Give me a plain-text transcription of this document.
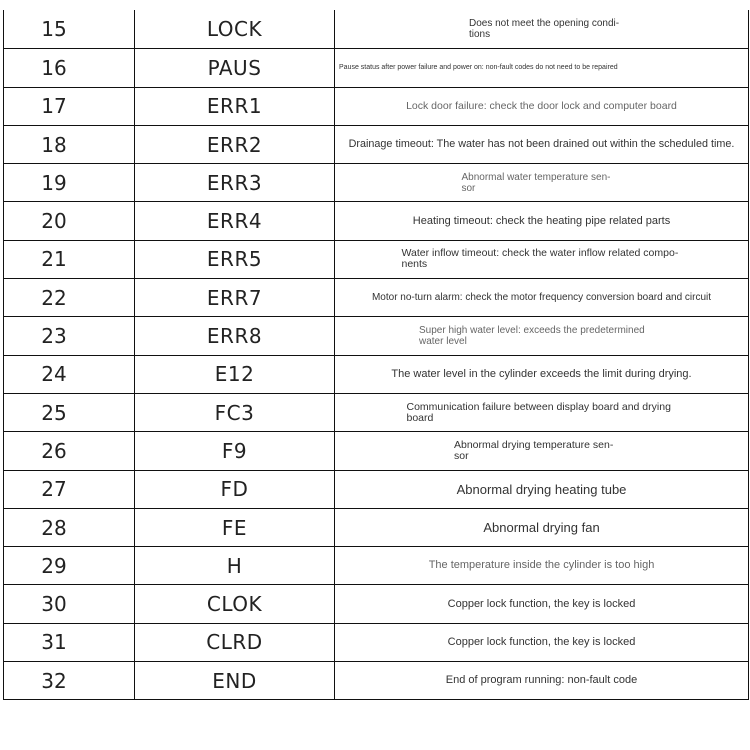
15	LOCK	Does not meet the opening condi- tions
16	PAUS	Pause status after power failure and power on: non-fault codes do not need to be repaired
17	ERR1	Lock door failure: check the door lock and computer board
18	ERR2	Drainage timeout: The water has not been drained out within the scheduled time.
19	ERR3	Abnormal water temperature sen- sor
20	ERR4	Heating timeout: check the heating pipe related parts
21	ERR5	Water inflow timeout: check the water inflow related compo- nents
22	ERR7	Motor no-turn alarm: check the motor frequency conversion board and circuit
23	ERR8	Super high water level: exceeds the predetermined water level
24	E12	The water level in the cylinder exceeds the limit during drying.
25	FC3	Communication failure between display board and drying board
26	F9	Abnormal drying temperature sen- sor
27	FD	Abnormal drying heating tube
28	FE	Abnormal drying fan
29	H	The temperature inside the cylinder is too high
30	CLOK	Copper lock function, the key is locked
31	CLRD	Copper lock function, the key is locked
32	END	End of program running: non-fault code
